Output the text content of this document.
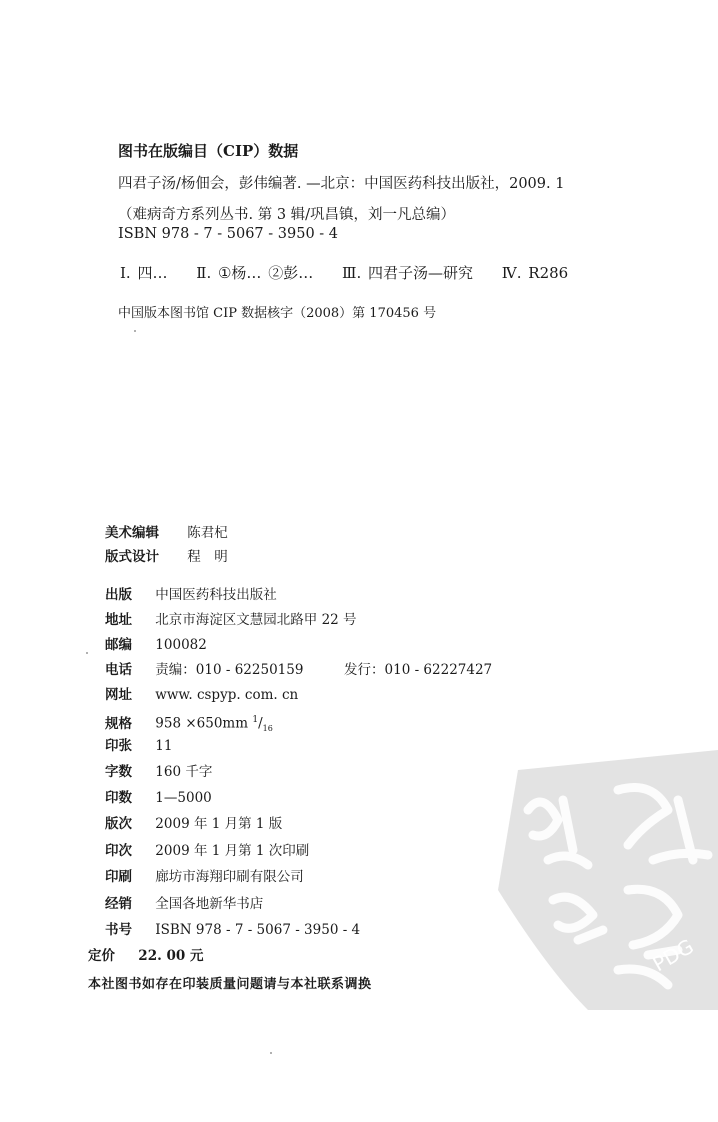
图书在版编目（CIP）数据
四君子汤/杨佃会，彭伟编著. —北京：中国医药科技出版社，2009. 1
（难病奇方系列丛书. 第 3 辑/巩昌镇，刘一凡总编）
ISBN 978 - 7 - 5067 - 3950 - 4
Ⅰ. 四… Ⅱ. ①杨… ②彭… Ⅲ. 四君子汤—研究 Ⅳ. R286
中国版本图书馆 CIP 数据核字（2008）第 170456 号
美术编辑 陈君杞
版式设计 程　明
出版 中国医药科技出版社
地址 北京市海淀区文慧园北路甲 22 号
邮编 100082
电话 责编：010 - 62250159	发行：010 - 62227427
网址 www. cspyp. com. cn
规格 958 ×650mm $^1/_{16}$
印张 11
字数 160 千字
印数 1—5000
版次 2009 年 1 月第 1 版
印次 2009 年 1 月第 1 次印刷
印刷 廊坊市海翔印刷有限公司
经销 全国各地新华书店
书号 ISBN 978 - 7 - 5067 - 3950 - 4
定价 22. 00 元
本社图书如存在印装质量问题请与本社联系调换
PDG
